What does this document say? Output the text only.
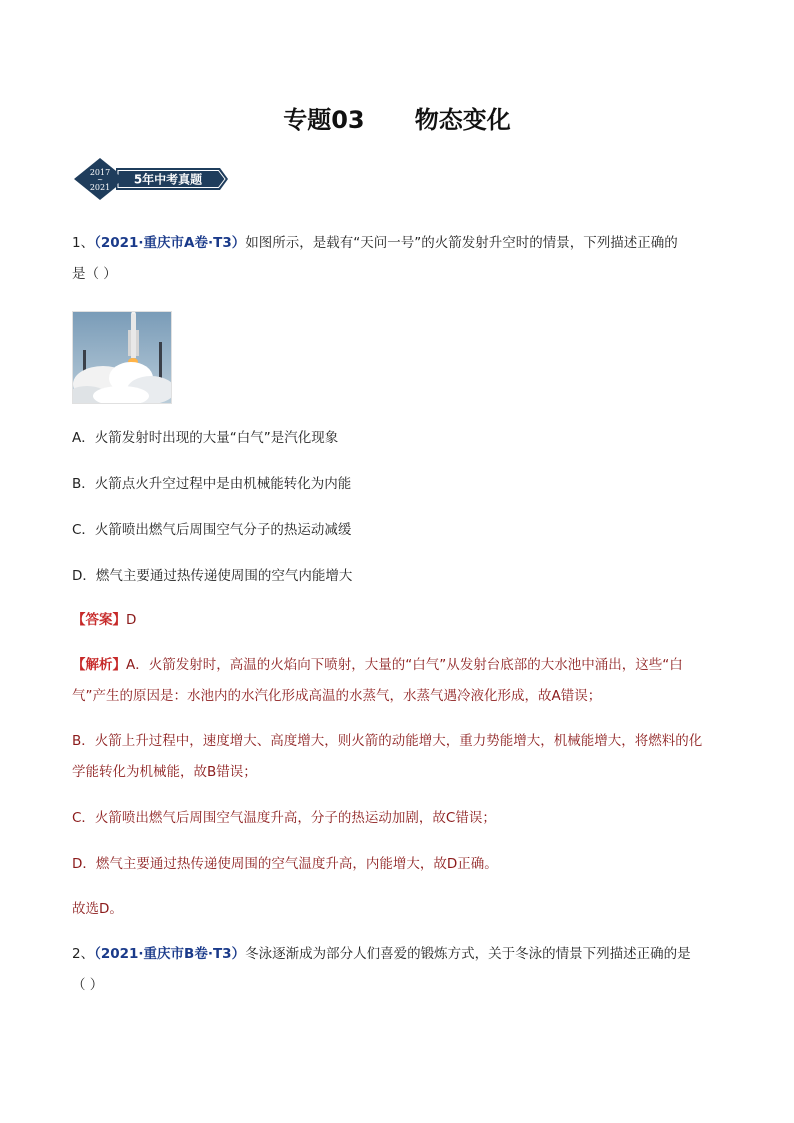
专题03      物态变化
2017
~
2021
5年中考真题
1、（2021·重庆市A卷·T3）如图所示，是载有“天问一号”的火箭发射升空时的情景，下列描述正确的
是（ ）
A．火箭发射时出现的大量“白气”是汽化现象
B．火箭点火升空过程中是由机械能转化为内能
C．火箭喷出燃气后周围空气分子的热运动减缓
D．燃气主要通过热传递使周围的空气内能增大
【答案】D
【解析】A．火箭发射时，高温的火焰向下喷射，大量的“白气”从发射台底部的大水池中涌出，这些“白
气”产生的原因是：水池内的水汽化形成高温的水蒸气，水蒸气遇冷液化形成，故A错误；
B．火箭上升过程中，速度增大、高度增大，则火箭的动能增大，重力势能增大，机械能增大，将燃料的化
学能转化为机械能，故B错误；
C．火箭喷出燃气后周围空气温度升高，分子的热运动加剧，故C错误；
D．燃气主要通过热传递使周围的空气温度升高，内能增大，故D正确。
故选D。
2、（2021·重庆市B卷·T3）冬泳逐渐成为部分人们喜爱的锻炼方式，关于冬泳的情景下列描述正确的是
（ ）
